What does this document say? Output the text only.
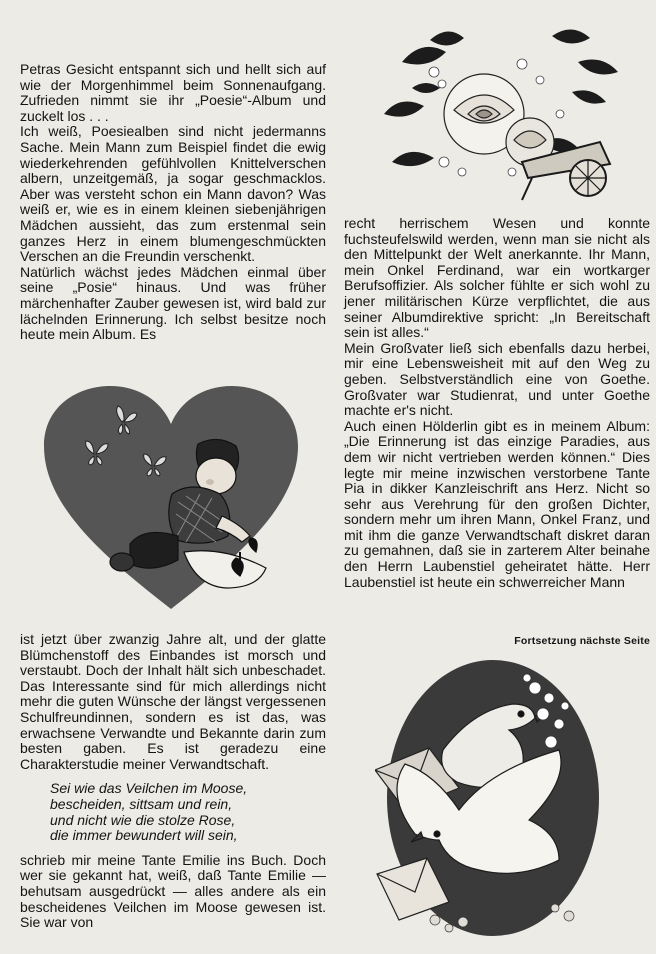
Petras Gesicht entspannt sich und hellt sich auf wie der Morgenhimmel beim Sonnenaufgang. Zufrieden nimmt sie ihr „Poesie“-Album und zuckelt los . . .

Ich weiß, Poesiealben sind nicht jedermanns Sache. Mein Mann zum Beispiel findet die ewig wiederkehrenden gefühlvollen Knittelverschen albern, unzeitgemäß, ja sogar geschmacklos. Aber was versteht schon ein Mann davon? Was weiß er, wie es in einem kleinen siebenjährigen Mädchen aussieht, das zum erstenmal sein ganzes Herz in einem blumengeschmückten Verschen an die Freundin verschenkt.

Natürlich wächst jedes Mädchen einmal über seine „Posie“ hinaus. Und was früher märchenhafter Zauber gewesen ist, wird bald zur lächelnden Erinnerung. Ich selbst besitze noch heute mein Album. Es

ist jetzt über zwanzig Jahre alt, und der glatte Blümchenstoff des Einbandes ist morsch und verstaubt. Doch der Inhalt hält sich unbeschadet. Das Interessante sind für mich allerdings nicht mehr die guten Wünsche der längst vergessenen Schulfreundinnen, sondern es ist das, was erwachsene Verwandte und Bekannte darin zum besten gaben. Es ist geradezu eine Charakterstudie meiner Verwandtschaft.

Sei wie das Veilchen im Moose,
bescheiden, sittsam und rein,
und nicht wie die stolze Rose,
die immer bewundert will sein,

schrieb mir meine Tante Emilie ins Buch. Doch wer sie gekannt hat, weiß, daß Tante Emilie — behutsam ausgedrückt — alles andere als ein bescheidenes Veilchen im Moose gewesen ist. Sie war von

recht herrischem Wesen und konnte fuchsteufelswild werden, wenn man sie nicht als den Mittelpunkt der Welt anerkannte. Ihr Mann, mein Onkel Ferdinand, war ein wortkarger Berufsoffizier. Als solcher fühlte er sich wohl zu jener militärischen Kürze verpflichtet, die aus seiner Albumdirektive spricht: „In Bereitschaft sein ist alles.“

Mein Großvater ließ sich ebenfalls dazu herbei, mir eine Lebensweisheit mit auf den Weg zu geben. Selbstverständlich eine von Goethe. Großvater war Studienrat, und unter Goethe machte er's nicht.

Auch einen Hölderlin gibt es in meinem Album: „Die Erinnerung ist das einzige Paradies, aus dem wir nicht vertrieben werden können.“ Dies legte mir meine inzwischen verstorbene Tante Pia in dikker Kanzleischrift ans Herz. Nicht so sehr aus Verehrung für den großen Dichter, sondern mehr um ihren Mann, Onkel Franz, und mit ihm die ganze Verwandtschaft diskret daran zu gemahnen, daß sie in zarterem Alter beinahe den Herrn Laubenstiel geheiratet hätte. Herr Laubenstiel ist heute ein schwerreicher Mann

Fortsetzung nächste Seite
